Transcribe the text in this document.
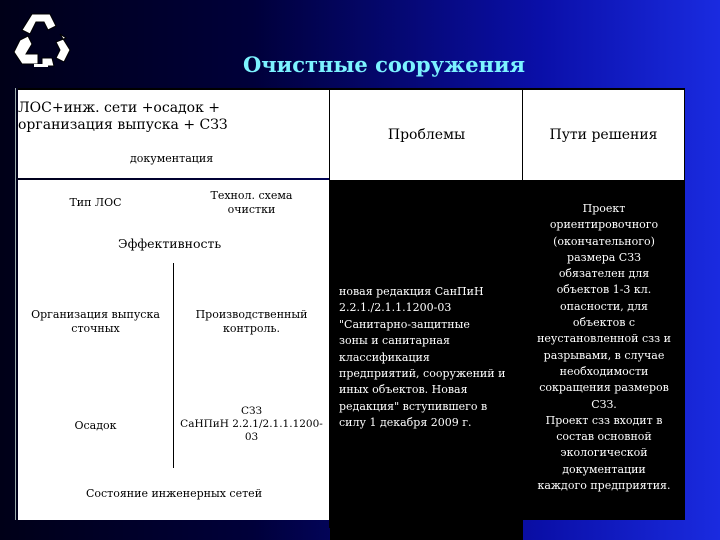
Очистные сооружения
ЛОС+инж. сети +осадок +
организация выпуска + СЗЗ
Проблемы	Пути решения
документация
Тип ЛОС
Технол. схема
очистки
Эффективность
Организация выпуска
сточных
Производственный
контроль.
Осадок
СЗЗ
СаНПиН 2.2.1/2.1.1.1200-
03
Состояние инженерных сетей
новая редакция СанПиН
2.2.1./2.1.1.1200-03
"Санитарно-защитные
зоны и санитарная
классификация
предприятий, сооружений и
иных объектов. Новая
редакция" вступившего в
силу 1 декабря 2009 г.
Проект
ориентировочного
(окончательного)
размера СЗЗ
обязателен для
объектов 1-3 кл.
опасности, для
объектов с
неустановленной сзз и
разрывами, в случае
необходимости
сокращения размеров
СЗЗ.
Проект сзз входит в
состав основной
экологической
документации
каждого предприятия.
